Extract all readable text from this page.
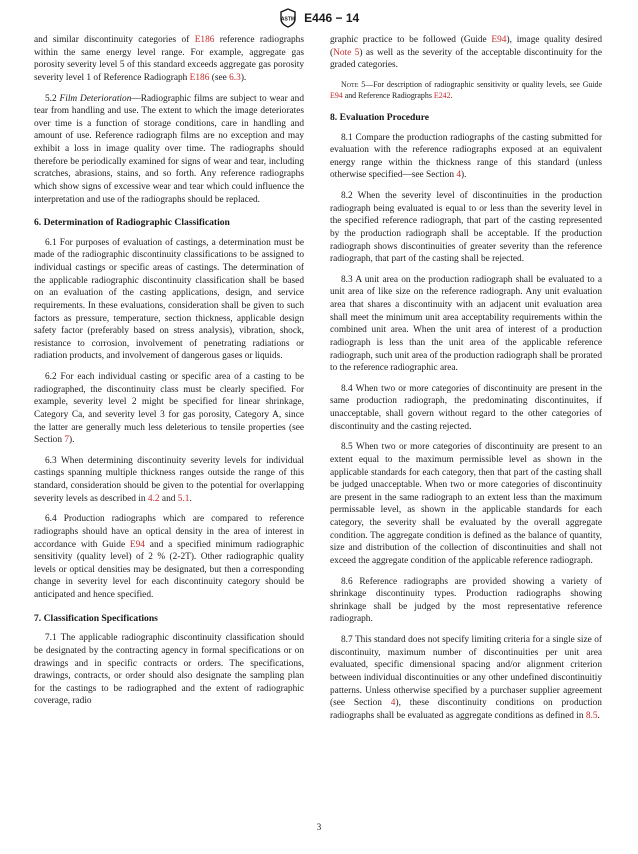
ASTM E446 − 14

and similar discontinuity categories of E186 reference radiographs within the same energy level range. For example, aggregate gas porosity severity level 5 of this standard exceeds aggregate gas porosity severity level 1 of Reference Radiograph E186 (see 6.3).

5.2 Film Deterioration—Radiographic films are subject to wear and tear from handling and use. The extent to which the image deteriorates over time is a function of storage conditions, care in handling and amount of use. Reference radiograph films are no exception and may exhibit a loss in image quality over time. The radiographs should therefore be periodically examined for signs of wear and tear, including scratches, abrasions, stains, and so forth. Any reference radiographs which show signs of excessive wear and tear which could influence the interpretation and use of the radiographs should be replaced.

6. Determination of Radiographic Classification

6.1 For purposes of evaluation of castings, a determination must be made of the radiographic discontinuity classifications to be assigned to individual castings or specific areas of castings. The determination of the applicable radiographic discontinuity classification shall be based on an evaluation of the casting applications, design, and service requirements. In these evaluations, consideration shall be given to such factors as pressure, temperature, section thickness, applicable design safety factor (preferably based on stress analysis), vibration, shock, resistance to corrosion, involvement of penetrating radiations or radiation products, and involvement of dangerous gases or liquids.

6.2 For each individual casting or specific area of a casting to be radiographed, the discontinuity class must be clearly specified. For example, severity level 2 might be specified for linear shrinkage, Category Ca, and severity level 3 for gas porosity, Category A, since the latter are generally much less deleterious to tensile properties (see Section 7).

6.3 When determining discontinuity severity levels for individual castings spanning multiple thickness ranges outside the range of this standard, consideration should be given to the potential for overlapping severity levels as described in 4.2 and 5.1.

6.4 Production radiographs which are compared to reference radiographs should have an optical density in the area of interest in accordance with Guide E94 and a specified minimum radiographic sensitivity (quality level) of 2 % (2-2T). Other radiographic quality levels or optical densities may be designated, but then a corresponding change in severity level for each discontinuity category should be anticipated and hence specified.

7. Classification Specifications

7.1 The applicable radiographic discontinuity classification should be designated by the contracting agency in formal specifications or on drawings and in specific contracts or orders. The specifications, drawings, contracts, or order should also designate the sampling plan for the castings to be radiographed and the extent of radiographic coverage, radio

graphic practice to be followed (Guide E94), image quality desired (Note 5) as well as the severity of the acceptable discontinuity for the graded categories.

Note 5—For description of radiographic sensitivity or quality levels, see Guide E94 and Reference Radiographs E242.

8. Evaluation Procedure

8.1 Compare the production radiographs of the casting submitted for evaluation with the reference radiographs exposed at an equivalent energy range within the thickness range of this standard (unless otherwise specified—see Section 4).

8.2 When the severity level of discontinuities in the production radiograph being evaluated is equal to or less than the severity level in the specified reference radiograph, that part of the casting represented by the production radiograph shall be acceptable. If the production radiograph shows discontinuities of greater severity than the reference radiograph, that part of the casting shall be rejected.

8.3 A unit area on the production radiograph shall be evaluated to a unit area of like size on the reference radiograph. Any unit evaluation area that shares a discontinuity with an adjacent unit evaluation area shall meet the minimum unit area acceptability requirements within the combined unit area. When the unit area of interest of a production radiograph is less than the unit area of the applicable reference radiograph, such unit area of the production radiograph shall be prorated to the reference radiographic area.

8.4 When two or more categories of discontinuity are present in the same production radiograph, the predominating discontinuites, if unacceptable, shall govern without regard to the other categories of discontinuity and the casting rejected.

8.5 When two or more categories of discontinuity are present to an extent equal to the maximum permissible level as shown in the applicable standards for each category, then that part of the casting shall be judged unacceptable. When two or more categories of discontinuity are present in the same radiograph to an extent less than the maximum permissable level, as shown in the applicable standards for each category, the severity shall be evaluated by the overall aggregate condition. The aggregate condition is defined as the balance of quantity, size and distribution of the collection of discontinuities and shall not exceed the aggregate condition of the applicable reference radiograph.

8.6 Reference radiographs are provided showing a variety of shrinkage discontinuity types. Production radiographs showing shrinkage shall be judged by the most representative reference radiograph.

8.7 This standard does not specify limiting criteria for a single size of discontinuity, maximum number of discontinuities per unit area evaluated, specific dimensional spacing and/or alignment criterion between individual discontinuities or any other undefined discontinuitiy patterns. Unless otherwise specified by a purchaser supplier agreement (see Section 4), these discontinuity conditions on production radiographs shall be evaluated as aggregate conditions as defined in 8.5.

3
